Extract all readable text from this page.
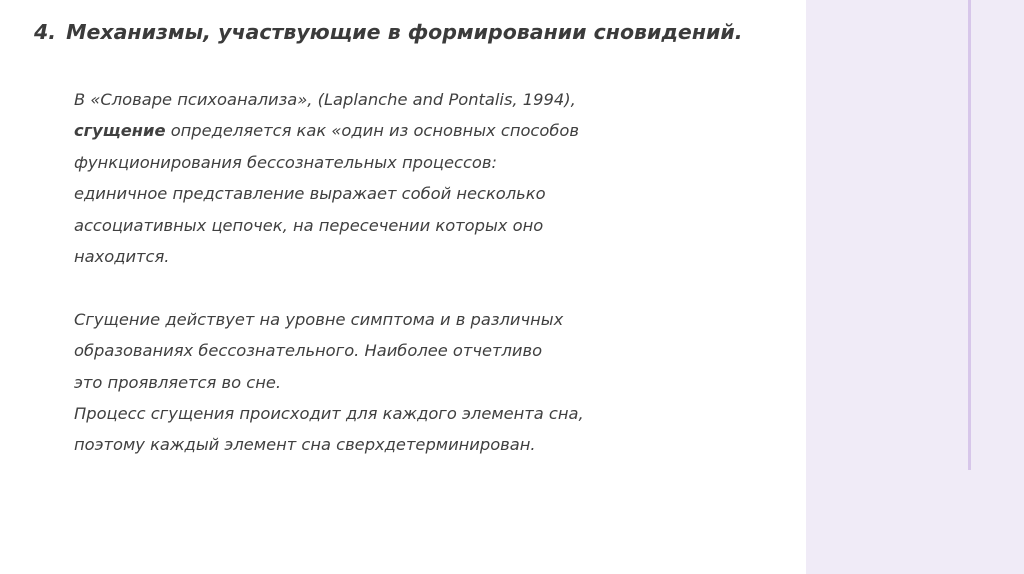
4. Механизмы, участвующие в формировании сновидений.
В «Словаре психоанализа», (Laplanche and Pontalis, 1994),
сгущение определяется как «один из основных способов
функционирования бессознательных процессов:
единичное представление выражает собой несколько
ассоциативных цепочек, на пересечении которых оно
находится.
Сгущение действует на уровне симптома и в различных
образованиях бессознательного. Наиболее отчетливо
это проявляется во сне.
Процесс сгущения происходит для каждого элемента сна,
поэтому каждый элемент сна сверхдетерминирован.
